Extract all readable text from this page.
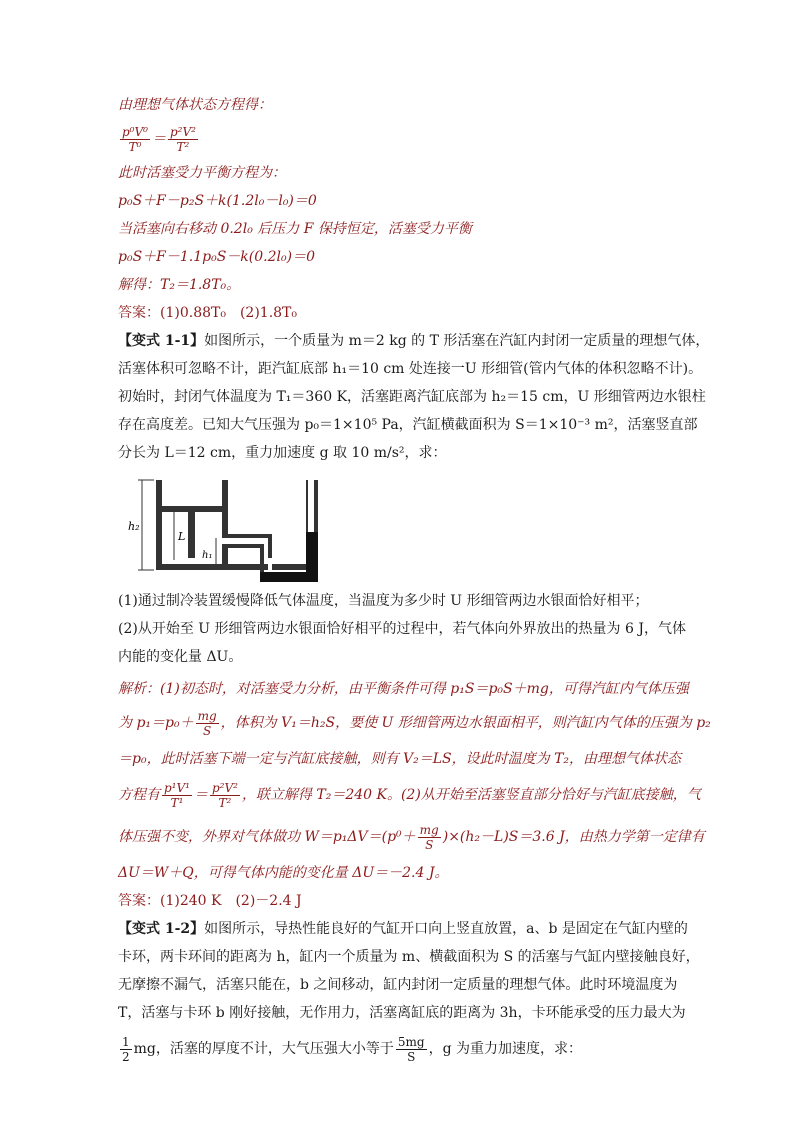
由理想气体状态方程得：
$\frac{\text{p⁰V⁰}}{\text{T⁰}} = \frac{\text{p²V²}}{\text{T²}}$
此时活塞受力平衡方程为：
p₀S＋F－p₂S＋k(1.2l₀－l₀)＝0
当活塞向右移动 0.2l₀ 后压力 F 保持恒定，活塞受力平衡
p₀S＋F－1.1p₀S－k(0.2l₀)＝0
解得：T₂＝1.8T₀。
答案：(1)0.88T₀　(2)1.8T₀
【变式 1-1】如图所示，一个质量为 m＝2 kg 的 T 形活塞在汽缸内封闭一定质量的理想气体，
活塞体积可忽略不计，距汽缸底部 h₁＝10 cm 处连接一U 形细管(管内气体的体积忽略不计)。
初始时，封闭气体温度为 T₁＝360 K，活塞距离汽缸底部为 h₂＝15 cm，U 形细管两边水银柱
存在高度差。已知大气压强为 p₀＝1×10⁵ Pa，汽缸横截面积为 S＝1×10⁻³ m²，活塞竖直部
分长为 L＝12 cm，重力加速度 g 取 10 m/s²，求：
h₂
L
h₁
(1)通过制冷装置缓慢降低气体温度，当温度为多少时 U 形细管两边水银面恰好相平；
(2)从开始至 U 形细管两边水银面恰好相平的过程中，若气体向外界放出的热量为 6 J，气体
内能的变化量 ΔU。
解析：(1)初态时，对活塞受力分析，由平衡条件可得 p₁S＝p₀S＋mg，可得汽缸内气体压强
为 $p_1=p_0+ \frac{mg}{S}$ ，体积为 V₁＝h₂S，要使 U 形细管两边水银面相平，则汽缸内气体的压强为 p₂
＝p₀，此时活塞下端一定与汽缸底接触，则有 V₂＝LS，设此时温度为 T₂，由理想气体状态
方程有 $\frac{\text{p¹V¹}}{\text{T¹}} = \frac{\text{p²V²}}{\text{T²}}$ ，联立解得 T₂＝240 K。(2)从开始至活塞竖直部分恰好与汽缸底接触，气
体压强不变，外界对气体做功 $W=p_1\Delta V=(p^0+ \frac{mg}{S} )\times(h_2-L)S=3.6$ J，由热力学第一定律有
ΔU＝W＋Q，可得气体内能的变化量 ΔU＝－2.4 J。
答案：(1)240 K　(2)－2.4 J
【变式 1-2】如图所示，导热性能良好的气缸开口向上竖直放置，a、b 是固定在气缸内壁的
卡环，两卡环间的距离为 h，缸内一个质量为 m、横截面积为 S 的活塞与气缸内壁接触良好，
无摩擦不漏气，活塞只能在，b 之间移动，缸内封闭一定质量的理想气体。此时环境温度为
T，活塞与卡环 b 刚好接触，无作用力，活塞离缸底的距离为 3h，卡环能承受的压力最大为
$\frac{1}{2}$ mg，活塞的厚度不计，大气压强大小等于 $\frac{5mg}{S}$ ，g 为重力加速度，求：
